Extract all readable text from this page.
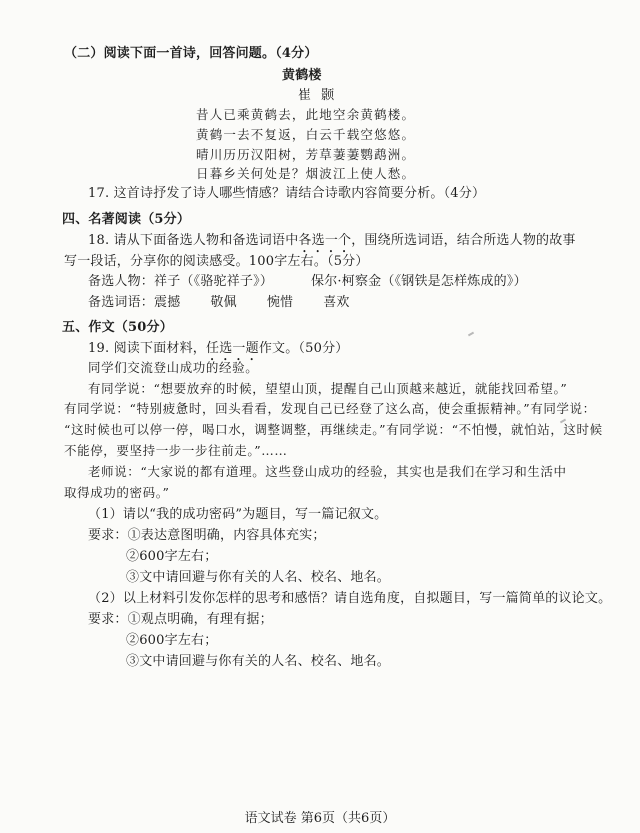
（二）阅读下面一首诗，回答问题。（4分）
黄鹤楼
崔 颢
昔人已乘黄鹤去，此地空余黄鹤楼。
黄鹤一去不复返，白云千载空悠悠。
晴川历历汉阳树，芳草萋萋鹦鹉洲。
日暮乡关何处是？烟波江上使人愁。
17. 这首诗抒发了诗人哪些情感？请结合诗歌内容简要分析。（4分）
四、名著阅读（5分）
18. 请从下面备选人物和备选词语中各选一个，围绕所选词语，结合所选人物的故事
写一段话，分享你的阅读感受。100字左右。（5分）
备选人物：祥子（《骆驼祥子》）	保尔·柯察金（《钢铁是怎样炼成的》）
备选词语：震撼 敬佩 惋惜 喜欢
五、作文（50分）
19. 阅读下面材料，任选一题作文。（50分）
同学们交流登山成功的经验。
有同学说：“想要放弃的时候，望望山顶，提醒自己山顶越来越近，就能找回希望。”
有同学说：“特别疲惫时，回头看看，发现自己已经登了这么高，使会重振精神。”有同学说：
“这时候也可以停一停，喝口水，调整调整，再继续走。”有同学说：“不怕慢，就怕站，这时候
不能停，要坚持一步一步往前走。”……
老师说：“大家说的都有道理。这些登山成功的经验，其实也是我们在学习和生活中
取得成功的密码。”
（1）请以“我的成功密码”为题目，写一篇记叙文。
要求：①表达意图明确，内容具体充实；
②600字左右；
③文中请回避与你有关的人名、校名、地名。
（2）以上材料引发你怎样的思考和感悟？请自选角度，自拟题目，写一篇简单的议论文。
要求：①观点明确，有理有据；
②600字左右；
③文中请回避与你有关的人名、校名、地名。
语文试卷 第6页（共6页）
